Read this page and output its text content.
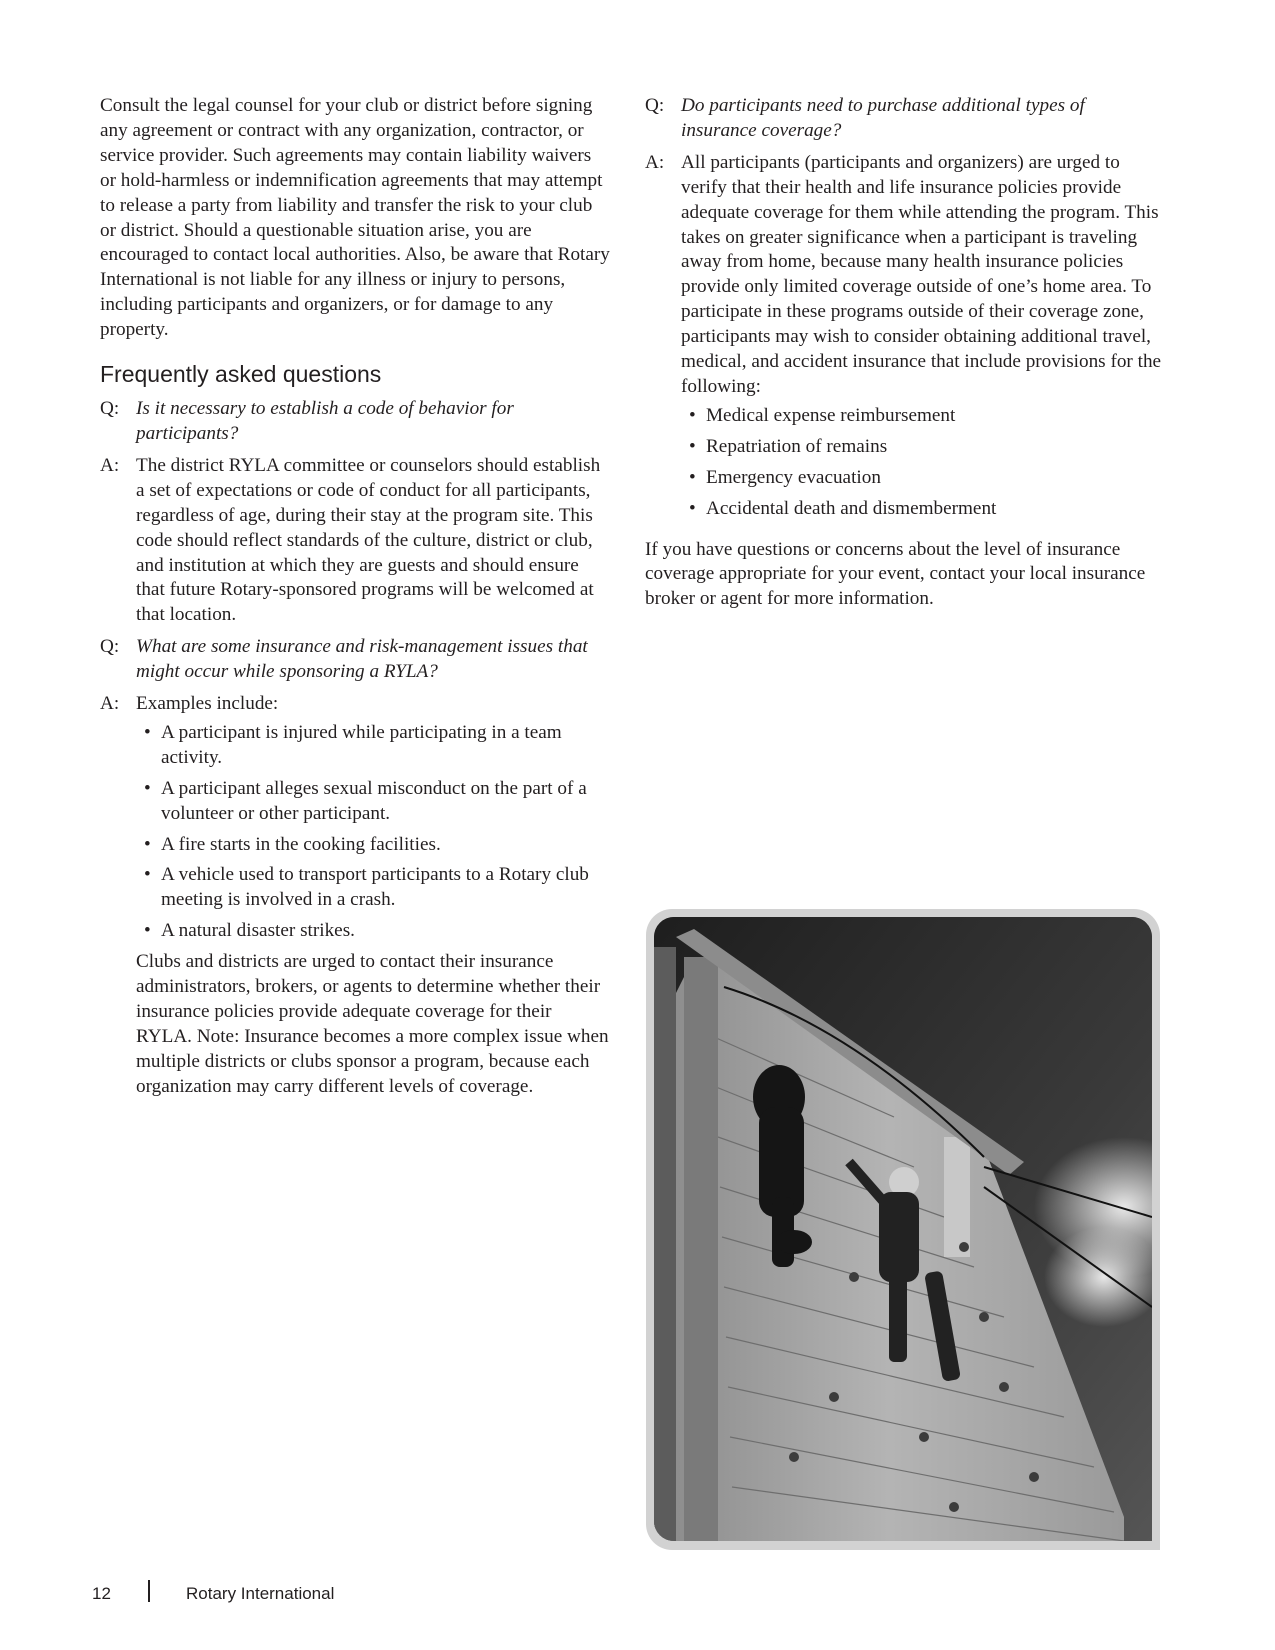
Consult the legal counsel for your club or district before signing any agreement or contract with any organization, contractor, or service provider. Such agreements may contain liability waivers or hold-harmless or indemnification agreements that may attempt to release a party from liability and transfer the risk to your club or district. Should a questionable situation arise, you are encouraged to contact local authorities. Also, be aware that Rotary International is not liable for any illness or injury to persons, including participants and organizers, or for damage to any property.

Frequently asked questions
Q: Is it necessary to establish a code of behavior for participants?
A: The district RYLA committee or counselors should establish a set of expectations or code of conduct for all participants, regardless of age, during their stay at the program site. This code should reflect standards of the culture, district or club, and institution at which they are guests and should ensure that future Rotary-sponsored programs will be welcomed at that location.
Q: What are some insurance and risk-management issues that might occur while sponsoring a RYLA?
A: Examples include:

• A participant is injured while participating in a team activity.
• A participant alleges sexual misconduct on the part of a volunteer or other participant.
• A fire starts in the cooking facilities.
• A vehicle used to transport participants to a Rotary club meeting is involved in a crash.
• A natural disaster strikes.

Clubs and districts are urged to contact their insurance administrators, brokers, or agents to determine whether their insurance policies provide adequate coverage for their RYLA. Note: Insurance becomes a more complex issue when multiple districts or clubs sponsor a program, because each organization may carry different levels of coverage.

Q: Do participants need to purchase additional types of insurance coverage?
A: All participants (participants and organizers) are urged to verify that their health and life insurance policies provide adequate coverage for them while attending the program. This takes on greater significance when a participant is traveling away from home, because many health insurance policies provide only limited coverage outside of one’s home area. To participate in these programs outside of their coverage zone, participants may wish to consider obtaining additional travel, medical, and accident insurance that include provisions for the following:

• Medical expense reimbursement
• Repatriation of remains
• Emergency evacuation
• Accidental death and dismemberment

If you have questions or concerns about the level of insurance coverage appropriate for your event, contact your local insurance broker or agent for more information.

12	Rotary International
